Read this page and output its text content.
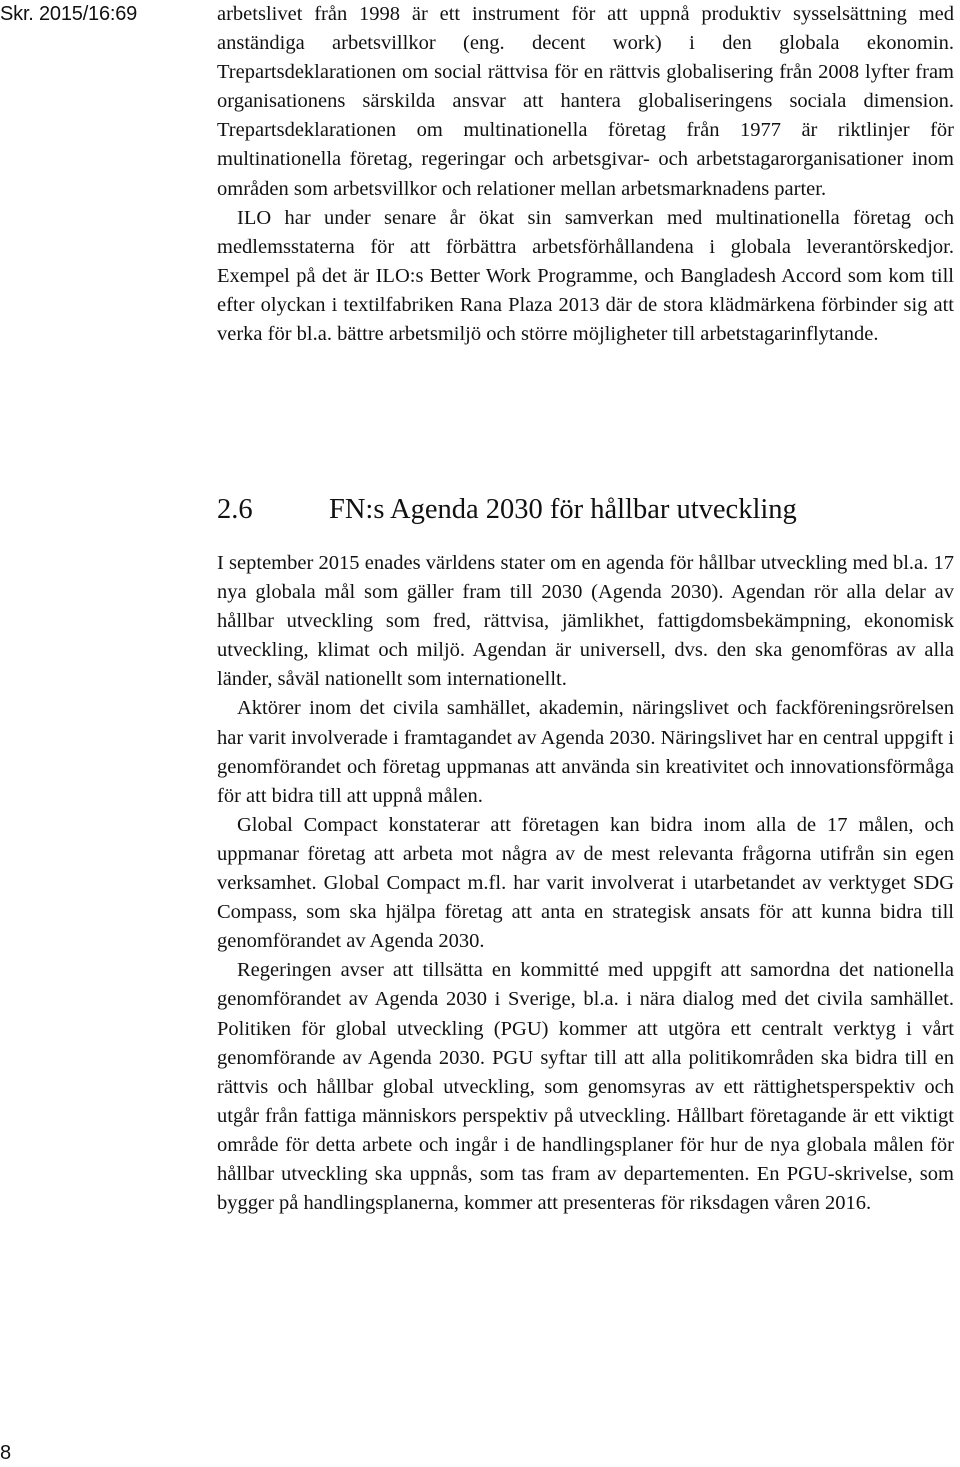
Skr. 2015/16:69	arbetslivet från 1998 är ett instrument för att uppnå produktiv sysselsättning med anständiga arbetsvillkor (eng. decent work) i den globala ekonomin. Trepartsdeklarationen om social rättvisa för en rättvis globalisering från 2008 lyfter fram organisationens särskilda ansvar att hantera globaliseringens sociala dimension. Trepartsdeklarationen om multinationella företag från 1977 är riktlinjer för multinationella företag, regeringar och arbetsgivar- och arbetstagarorganisationer inom områden som arbetsvillkor och relationer mellan arbetsmarknadens parter.

ILO har under senare år ökat sin samverkan med multinationella företag och medlemsstaterna för att förbättra arbetsförhållandena i globala leverantörskedjor. Exempel på det är ILO:s Better Work Programme, och Bangladesh Accord som kom till efter olyckan i textilfabriken Rana Plaza 2013 där de stora klädmärkena förbinder sig att verka för bl.a. bättre arbetsmiljö och större möjligheter till arbetstagarinflytande.

2.6	FN:s Agenda 2030 för hållbar utveckling

I september 2015 enades världens stater om en agenda för hållbar utveckling med bl.a. 17 nya globala mål som gäller fram till 2030 (Agenda 2030). Agendan rör alla delar av hållbar utveckling som fred, rättvisa, jämlikhet, fattigdomsbekämpning, ekonomisk utveckling, klimat och miljö. Agendan är universell, dvs. den ska genomföras av alla länder, såväl nationellt som internationellt.

Aktörer inom det civila samhället, akademin, näringslivet och fackföreningsrörelsen har varit involverade i framtagandet av Agenda 2030. Näringslivet har en central uppgift i genomförandet och företag uppmanas att använda sin kreativitet och innovationsförmåga för att bidra till att uppnå målen.

Global Compact konstaterar att företagen kan bidra inom alla de 17 målen, och uppmanar företag att arbeta mot några av de mest relevanta frågorna utifrån sin egen verksamhet. Global Compact m.fl. har varit involverat i utarbetandet av verktyget SDG Compass, som ska hjälpa företag att anta en strategisk ansats för att kunna bidra till genomförandet av Agenda 2030.

Regeringen avser att tillsätta en kommitté med uppgift att samordna det nationella genomförandet av Agenda 2030 i Sverige, bl.a. i nära dialog med det civila samhället. Politiken för global utveckling (PGU) kommer att utgöra ett centralt verktyg i vårt genomförande av Agenda 2030. PGU syftar till att alla politikområden ska bidra till en rättvis och hållbar global utveckling, som genomsyras av ett rättighetsperspektiv och utgår från fattiga människors perspektiv på utveckling. Hållbart företagande är ett viktigt område för detta arbete och ingår i de handlingsplaner för hur de nya globala målen för hållbar utveckling ska uppnås, som tas fram av departementen. En PGU-skrivelse, som bygger på handlingsplanerna, kommer att presenteras för riksdagen våren 2016.

8
